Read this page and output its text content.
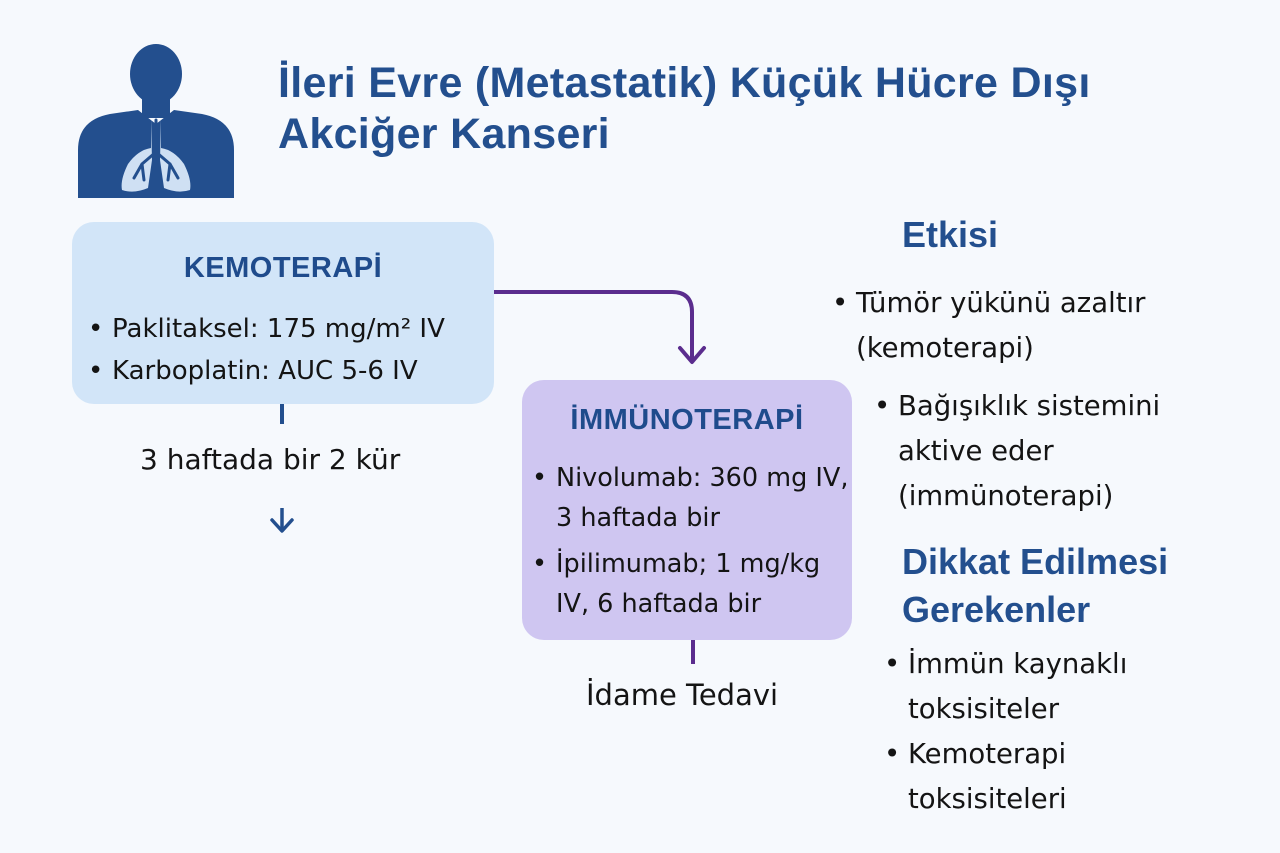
İleri Evre (Metastatik) Küçük Hücre Dışı Akciğer Kanseri
KEMOTERAPİ
• Paklitaksel: 175 mg/m² IV
• Karboplatin: AUC 5-6 IV
3 haftada bir 2 kür
İMMÜNOTERAPİ
• Nivolumab: 360 mg IV, 3 haftada bir
• İpilimumab; 1 mg/kg IV, 6 haftada bir
İdame Tedavi
Etkisi
• Tümör yükünü azaltır (kemoterapi)
• Bağışıklık sistemini aktive eder (immünoterapi)
Dikkat Edilmesi Gerekenler
• İmmün kaynaklı toksisiteler
• Kemoterapi toksisiteleri
